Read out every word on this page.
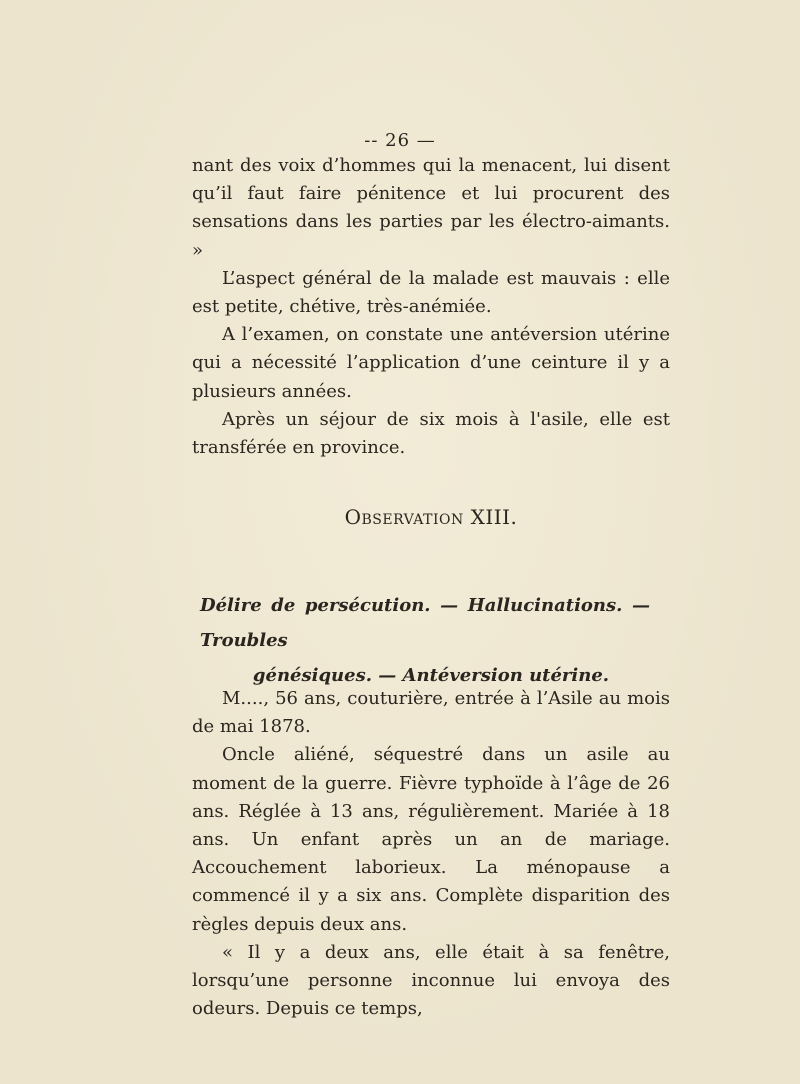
-- 26 —

nant des voix d’hommes qui la menacent, lui disent qu’il faut faire pénitence et lui procurent des sensations dans les parties par les électro-aimants. »

L’aspect général de la malade est mauvais : elle est petite, chétive, très-anémiée.

A l’examen, on constate une antéversion utérine qui a nécessité l’application d’une ceinture il y a plusieurs années.

Après un séjour de six mois à l'asile, elle est transférée en province.

Observation XIII.
Délire de persécution. — Hallucinations. — Troubles
génésiques. — Antéversion utérine.

M...., 56 ans, couturière, entrée à l’Asile au mois de mai 1878.

Oncle aliéné, séquestré dans un asile au moment de la guerre. Fièvre typhoïde à l’âge de 26 ans. Réglée à 13 ans, régulièrement. Mariée à 18 ans. Un enfant après un an de mariage. Accouchement laborieux. La ménopause a commencé il y a six ans. Complète disparition des règles depuis deux ans.

« Il y a deux ans, elle était à sa fenêtre, lorsqu’une personne inconnue lui envoya des odeurs. Depuis ce temps,
